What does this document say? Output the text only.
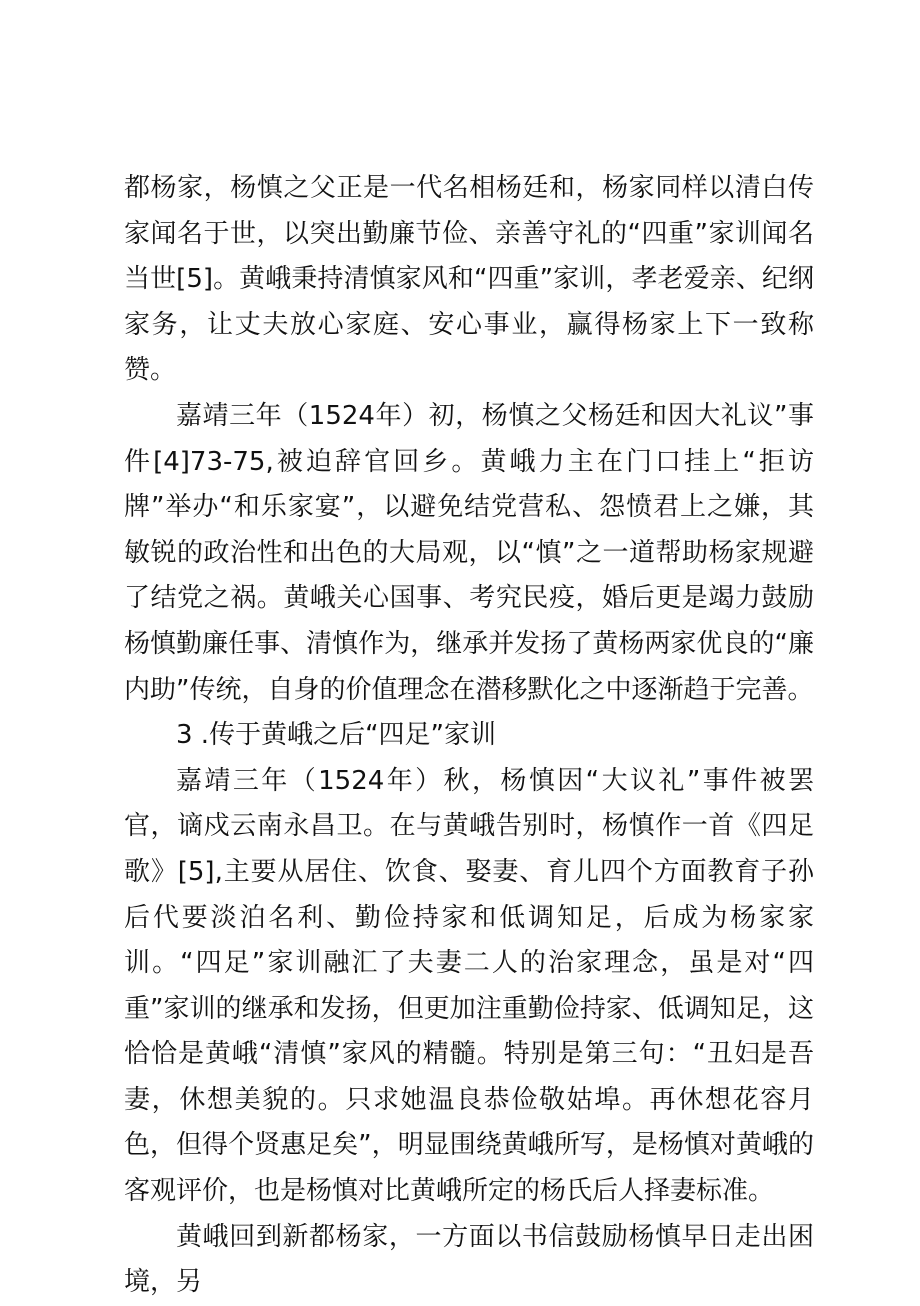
都杨家，杨慎之父正是一代名相杨廷和，杨家同样以清白传家闻名于世，以突出勤廉节俭、亲善守礼的“四重”家训闻名当世[5]。黄峨秉持清慎家风和“四重”家训，孝老爱亲、纪纲家务，让丈夫放心家庭、安心事业，赢得杨家上下一致称赞。

嘉靖三年（1524年）初，杨慎之父杨廷和因大礼议”事件[4]73-75,被迫辞官回乡。黄峨力主在门口挂上“拒访牌”举办“和乐家宴”，以避免结党营私、怨愤君上之嫌，其敏锐的政治性和出色的大局观，以“慎”之一道帮助杨家规避了结党之祸。黄峨关心国事、考究民疫，婚后更是竭力鼓励杨慎勤廉任事、清慎作为，继承并发扬了黄杨两家优良的“廉内助”传统，自身的价值理念在潜移默化之中逐渐趋于完善。

3 .传于黄峨之后“四足”家训

嘉靖三年（1524年）秋，杨慎因“大议礼”事件被罢官，谪戍云南永昌卫。在与黄峨告别时，杨慎作一首《四足歌》[5],主要从居住、饮食、娶妻、育儿四个方面教育子孙后代要淡泊名利、勤俭持家和低调知足，后成为杨家家训。“四足”家训融汇了夫妻二人的治家理念，虽是对“四重”家训的继承和发扬，但更加注重勤俭持家、低调知足，这恰恰是黄峨“清慎”家风的精髓。特别是第三句：“丑妇是吾妻，休想美貌的。只求她温良恭俭敬姑埠。再休想花容月色，但得个贤惠足矣”，明显围绕黄峨所写，是杨慎对黄峨的客观评价，也是杨慎对比黄峨所定的杨氏后人择妻标准。

黄峨回到新都杨家，一方面以书信鼓励杨慎早日走出困境，另
